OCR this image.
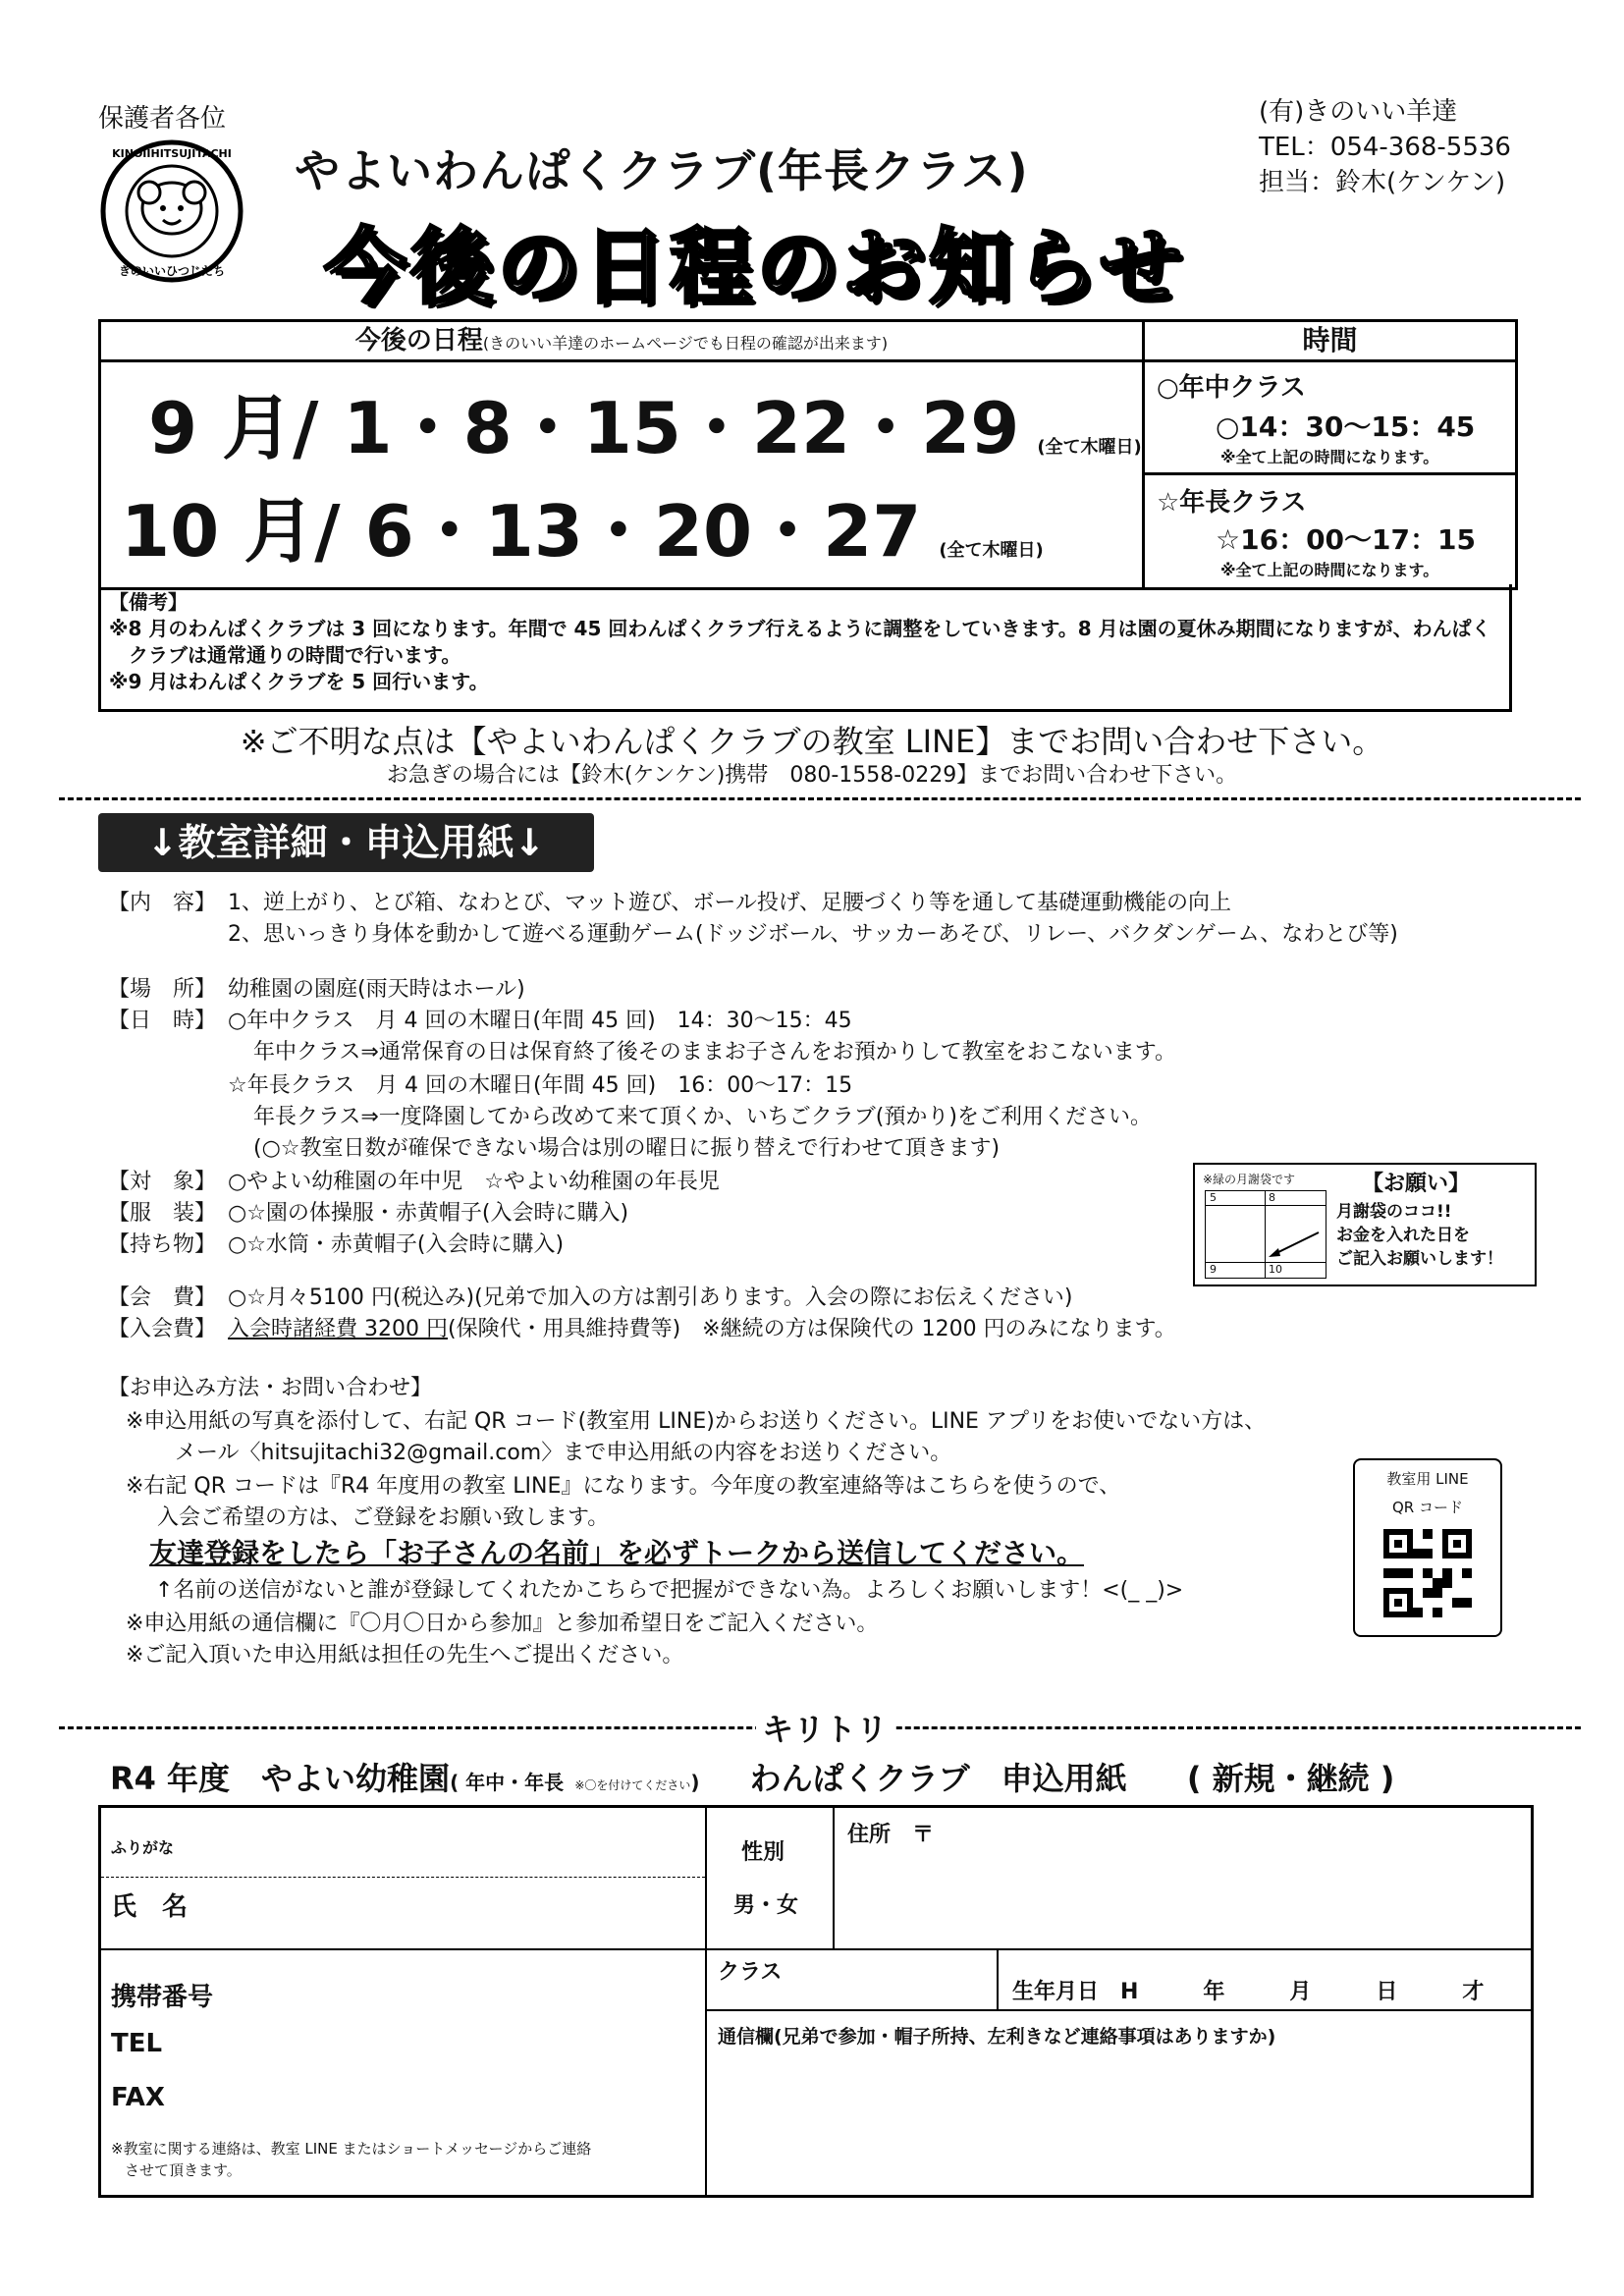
保護者各位
KINOIIHITSUJITACHI
きのいいひつじたち
やよいわんぱくクラブ(年長クラス)
今後の日程のお知らせ
(有)きのいい羊達
TEL：054-368-5536
担当：鈴木(ケンケン)
今後の日程(きのいい羊達のホームページでも日程の確認が出来ます)	時間
9 月/ 1・8・15・22・29 (全て木曜日)
10 月/ 6・13・20・27 (全て木曜日)
○年中クラス
○14：30～15：45
※全て上記の時間になります。
☆年長クラス
☆16：00～17：15
※全て上記の時間になります。
【備考】
※8 月のわんぱくクラブは 3 回になります。年間で 45 回わんぱくクラブ行えるように調整をしていきます。8 月は園の夏休み期間になりますが、わんぱく
　クラブは通常通りの時間で行います。
※9 月はわんぱくクラブを 5 回行います。
※ご不明な点は【やよいわんぱくクラブの教室 LINE】までお問い合わせ下さい。
お急ぎの場合には【鈴木(ケンケン)携帯　080-1558-0229】までお問い合わせ下さい。
↓教室詳細・申込用紙↓
【内　容】 1、逆上がり、とび箱、なわとび、マット遊び、ボール投げ、足腰づくり等を通して基礎運動機能の向上
2、思いっきり身体を動かして遊べる運動ゲーム(ドッジボール、サッカーあそび、リレー、バクダンゲーム、なわとび等)
【場　所】 幼稚園の園庭(雨天時はホール)
【日　時】 ○年中クラス　月 4 回の木曜日(年間 45 回)　14：30～15：45
年中クラス⇒通常保育の日は保育終了後そのままお子さんをお預かりして教室をおこないます。
☆年長クラス　月 4 回の木曜日(年間 45 回)　16：00～17：15
年長クラス⇒一度降園してから改めて来て頂くか、いちごクラブ(預かり)をご利用ください。
(○☆教室日数が確保できない場合は別の曜日に振り替えで行わせて頂きます)
【対　象】 ○やよい幼稚園の年中児　☆やよい幼稚園の年長児
【服　装】 ○☆園の体操服・赤黄帽子(入会時に購入)
【持ち物】 ○☆水筒・赤黄帽子(入会時に購入)
【会　費】 ○☆月々5100 円(税込み)(兄弟で加入の方は割引あります。入会の際にお伝えください)
【入会費】 入会時諸経費 3200 円(保険代・用具維持費等)　※継続の方は保険代の 1200 円のみになります。
※緑の月謝袋です	【お願い】
5	8
9	10
月謝袋のココ!!
お金を入れた日を
ご記入お願いします！
【お申込み方法・お問い合わせ】
※申込用紙の写真を添付して、右記 QR コード(教室用 LINE)からお送りください。LINE アプリをお使いでない方は、
メール〈hitsujitachi32@gmail.com〉まで申込用紙の内容をお送りください。
※右記 QR コードは『R4 年度用の教室 LINE』になります。今年度の教室連絡等はこちらを使うので、
入会ご希望の方は、ご登録をお願い致します。
友達登録をしたら「お子さんの名前」を必ずトークから送信してください。
↑名前の送信がないと誰が登録してくれたかこちらで把握ができない為。よろしくお願いします！<(_ _)>
※申込用紙の通信欄に『〇月〇日から参加』と参加希望日をご記入ください。
※ご記入頂いた申込用紙は担任の先生へご提出ください。
教室用 LINE
QR コード
キリトリ
R4 年度　やよい幼稚園( 年中・年長 ※〇を付けてください) わんぱくクラブ　申込用紙 ( 新規・継続 )
ふりがな
氏　名
性別
男・女
住所　〒
携帯番号
TEL
FAX
※教室に関する連絡は、教室 LINE またはショートメッセージからご連絡
させて頂きます。
クラス
生年月日　H　　　年　　　月　　　日　　　才
通信欄(兄弟で参加・帽子所持、左利きなど連絡事項はありますか)
